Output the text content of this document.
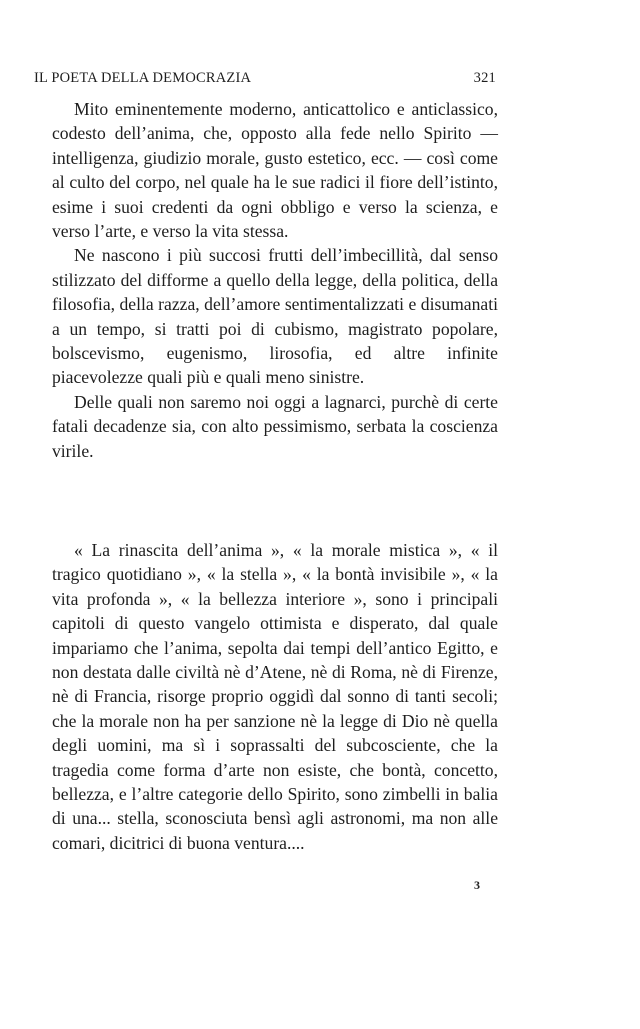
IL POETA DELLA DEMOCRAZIA	321

Mito eminentemente moderno, anticattolico e anticlassico, codesto dell’anima, che, opposto alla fede nello Spirito — intelligenza, giudizio morale, gusto estetico, ecc. — così come al culto del corpo, nel quale ha le sue radici il fiore dell’istinto, esime i suoi credenti da ogni obbligo e verso la scienza, e verso l’arte, e verso la vita stessa.

Ne nascono i più succosi frutti dell’imbecillità, dal senso stilizzato del difforme a quello della legge, della politica, della filosofia, della razza, dell’amore sentimentalizzati e disumanati a un tempo, si tratti poi di cubismo, magistrato popolare, bolscevismo, eugenismo, lirosofia, ed altre infinite piacevolezze quali più e quali meno sinistre.

Delle quali non saremo noi oggi a lagnarci, purchè di certe fatali decadenze sia, con alto pessimismo, serbata la coscienza virile.

« La rinascita dell’anima », « la morale mistica », « il tragico quotidiano », « la stella », « la bontà invisibile », « la vita profonda », « la bellezza interiore », sono i principali capitoli di questo vangelo ottimista e disperato, dal quale impariamo che l’anima, sepolta dai tempi dell’antico Egitto, e non destata dalle civiltà nè d’Atene, nè di Roma, nè di Firenze, nè di Francia, risorge proprio oggidì dal sonno di tanti secoli; che la morale non ha per sanzione nè la legge di Dio nè quella degli uomini, ma sì i soprassalti del subcosciente, che la tragedia come forma d’arte non esiste, che bontà, concetto, bellezza, e l’altre categorie dello Spirito, sono zimbelli in balia di una... stella, sconosciuta bensì agli astronomi, ma non alle comari, dicitrici di buona ventura....

3
